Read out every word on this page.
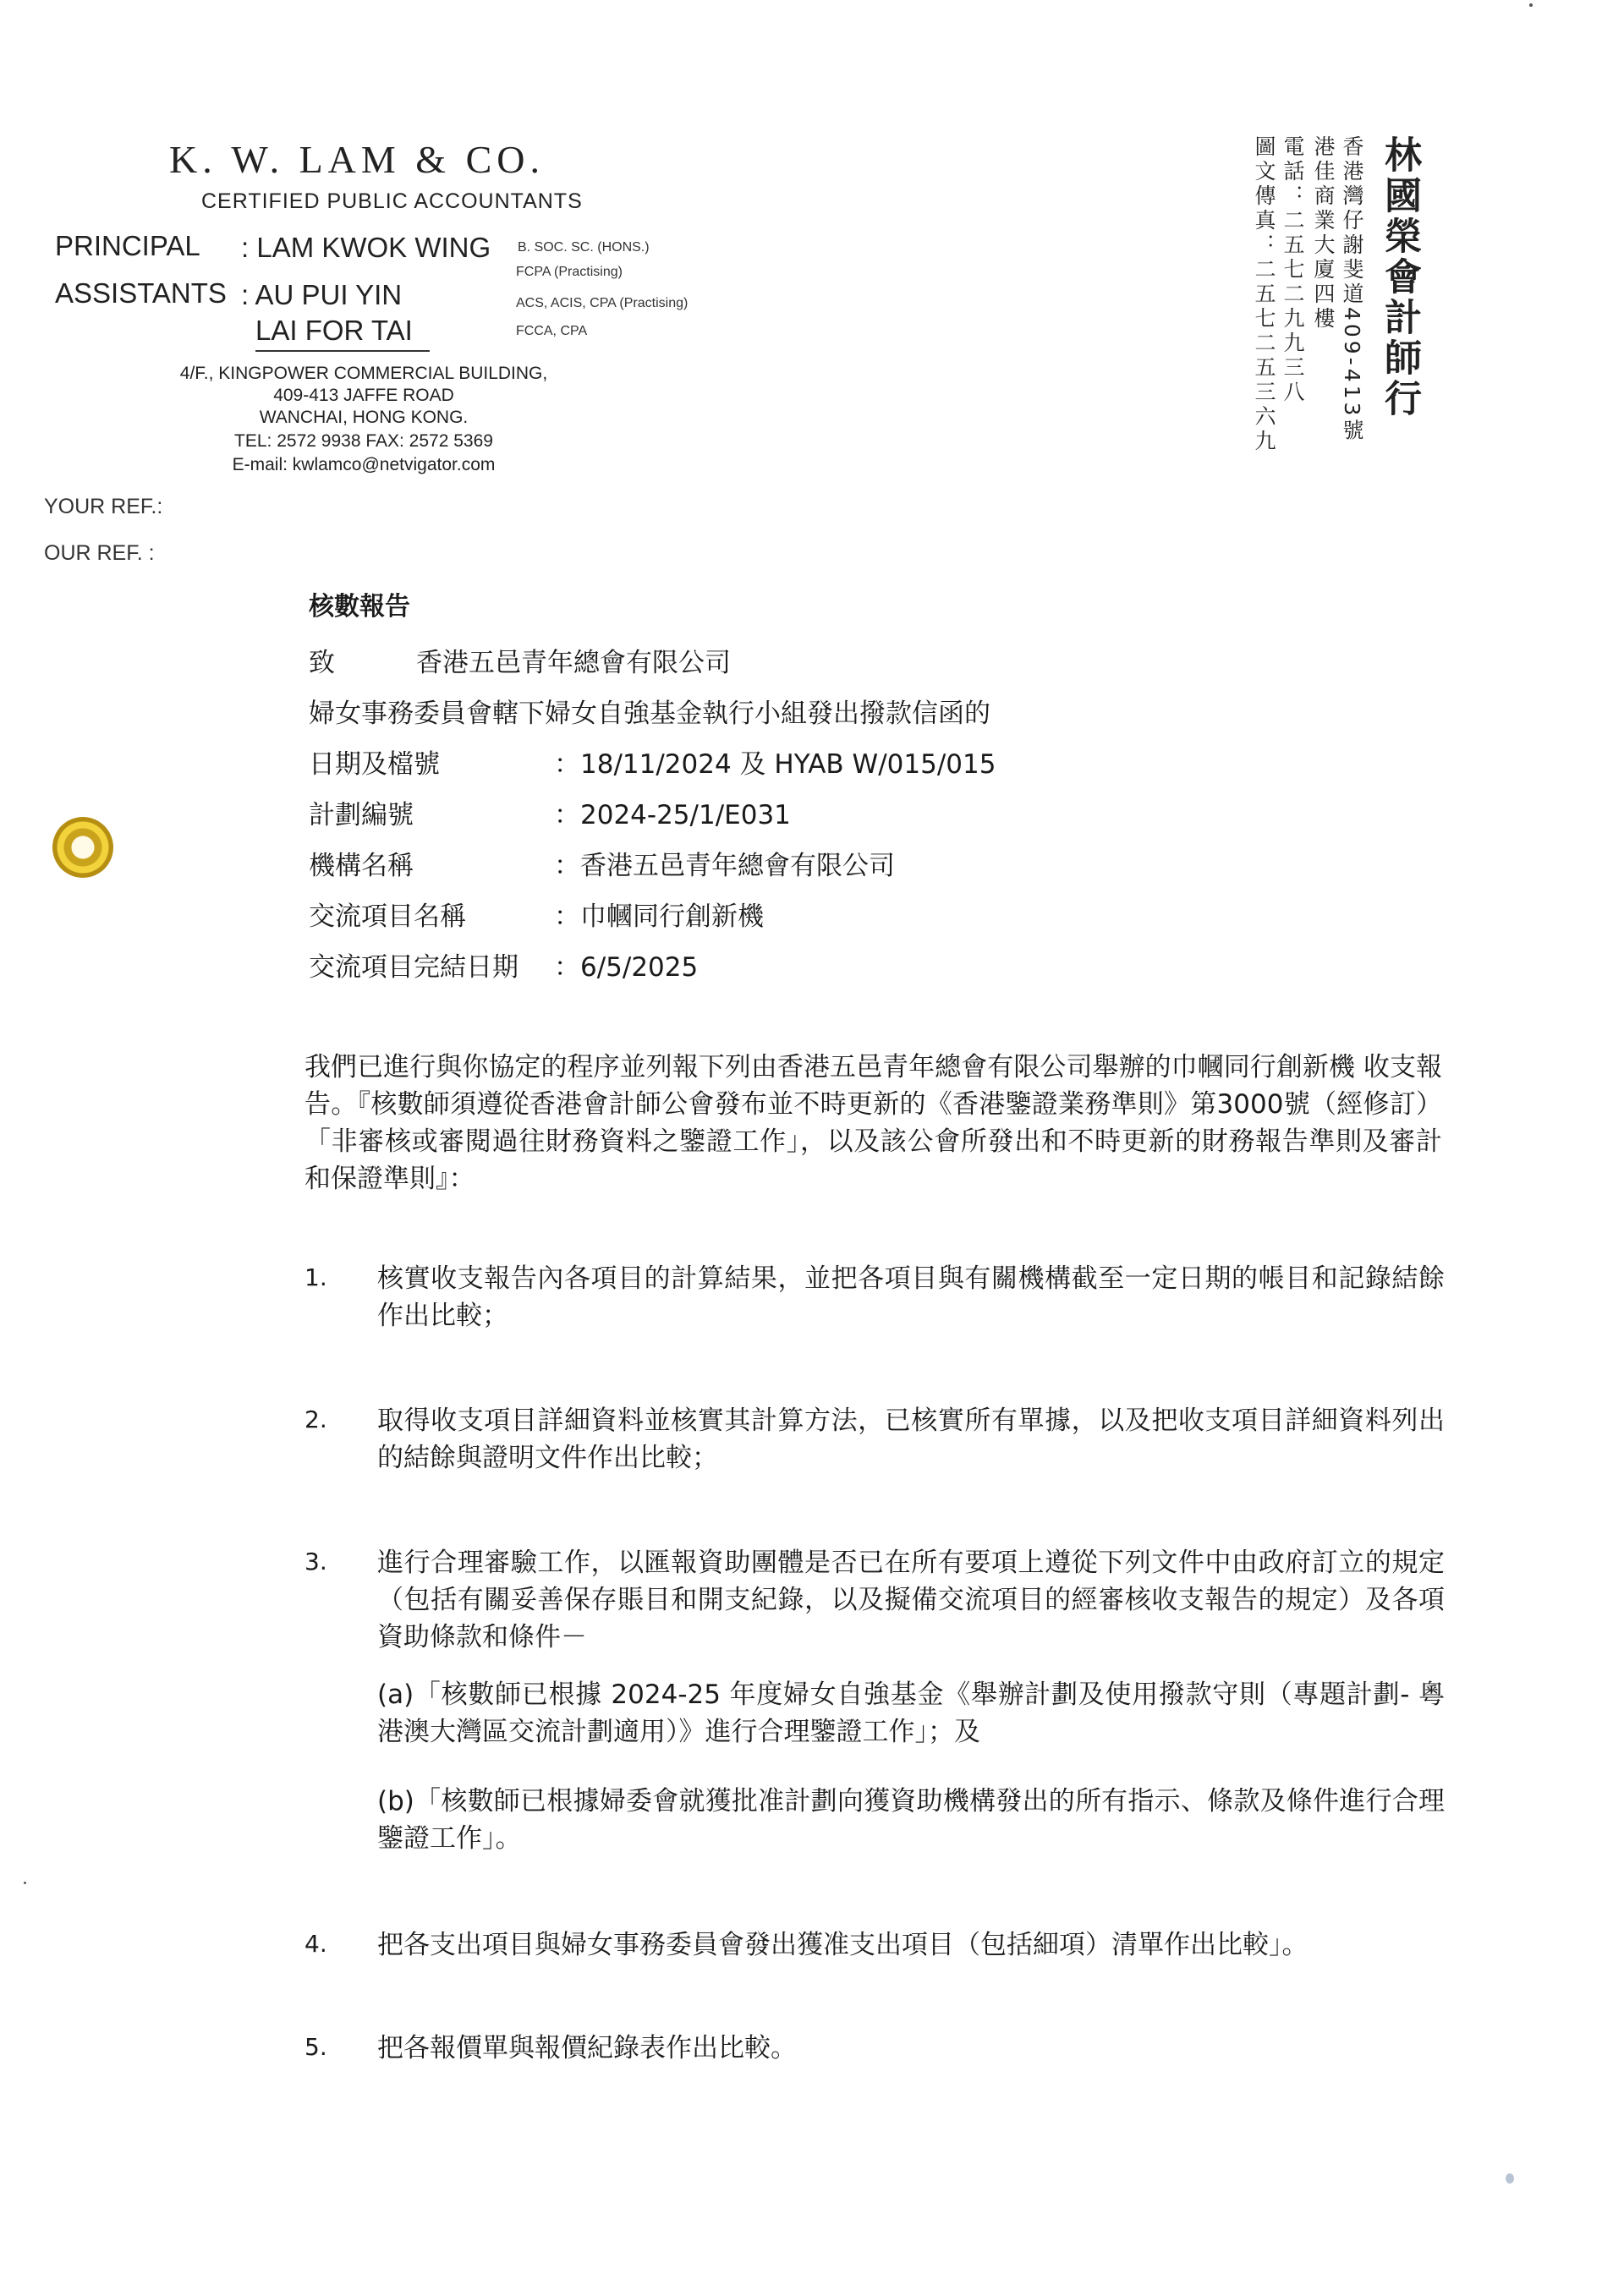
K. W. LAM & CO.
CERTIFIED PUBLIC ACCOUNTANTS
PRINCIPAL : LAM KWOK WING B. SOC. SC. (HONS.)
FCPA (Practising)
ASSISTANTS : AU PUI YIN	ACS, ACIS, CPA (Practising)
LAI FOR TAI	FCCA, CPA
4/F., KINGPOWER COMMERCIAL BUILDING,
409-413 JAFFE ROAD
WANCHAI, HONG KONG.
TEL: 2572 9938 FAX: 2572 5369
E-mail: kwlamco@netvigator.com
YOUR REF.:
OUR REF. :
林國榮會計師行
香港灣仔謝斐道409-413號
港佳商業大廈四樓
電話：二五七二九九三八
圖文傳真：二五七二五三六九
核數報告
致	香港五邑青年總會有限公司
婦女事務委員會轄下婦女自強基金執行小組發出撥款信函的
日期及檔號	：18/11/2024 及 HYAB W/015/015
計劃編號	：2024-25/1/E031
機構名稱	：香港五邑青年總會有限公司
交流項目名稱	：巾幗同行創新機
交流項目完結日期 ：6/5/2025
我們已進行與你協定的程序並列報下列由香港五邑青年總會有限公司舉辦的巾幗同行創新機 收支報告。『核數師須遵從香港會計師公會發布並不時更新的《香港鑒證業務準則》第3000號（經修訂）「非審核或審閱過往財務資料之鑒證工作」，以及該公會所發出和不時更新的財務報告準則及審計和保證準則』：
1. 核實收支報告內各項目的計算結果，並把各項目與有關機構截至一定日期的帳目和記錄結餘作出比較；
2. 取得收支項目詳細資料並核實其計算方法，已核實所有單據，以及把收支項目詳細資料列出的結餘與證明文件作出比較；
3. 進行合理審驗工作，以匯報資助團體是否已在所有要項上遵從下列文件中由政府訂立的規定（包括有關妥善保存賬目和開支紀錄，以及擬備交流項目的經審核收支報告的規定）及各項資助條款和條件－
(a)「核數師已根據 2024-25 年度婦女自強基金《舉辦計劃及使用撥款守則（專題計劃- 粵港澳大灣區交流計劃適用）》進行合理鑒證工作」；及
(b)「核數師已根據婦委會就獲批准計劃向獲資助機構發出的所有指示、條款及條件進行合理鑒證工作」。
4. 把各支出項目與婦女事務委員會發出獲准支出項目（包括細項）清單作出比較」。
5. 把各報價單與報價紀錄表作出比較。
